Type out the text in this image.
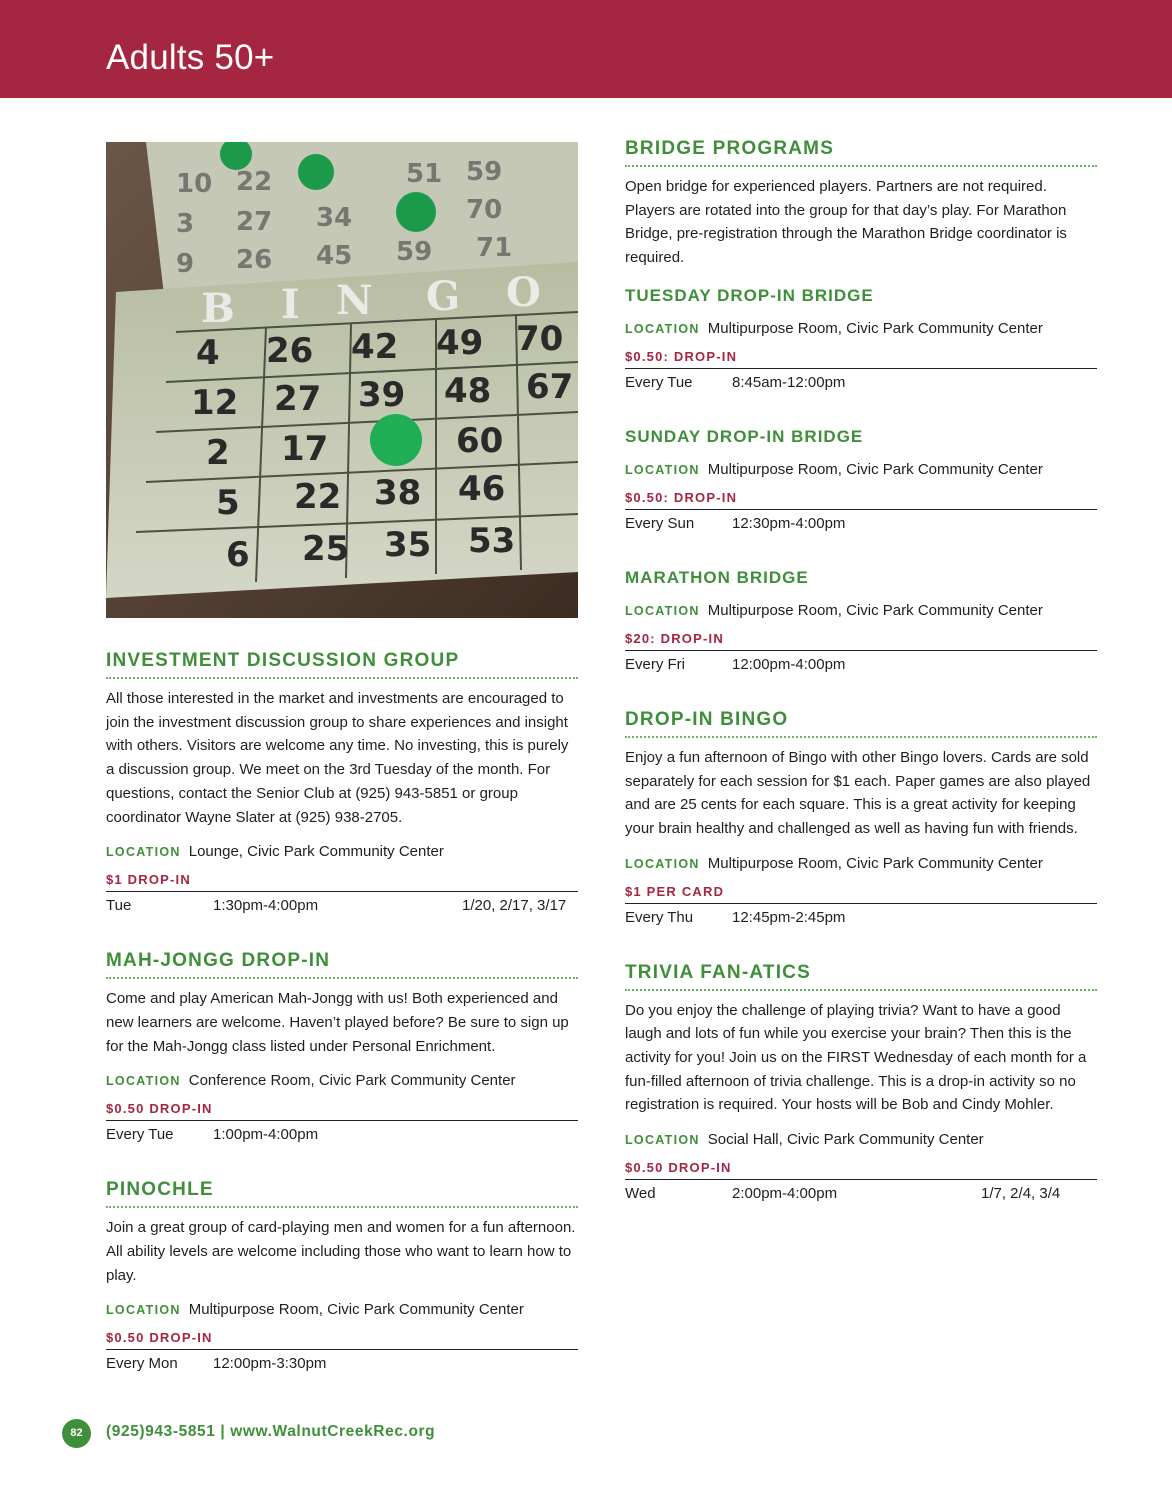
Adults 50+
4 26 42 49 70
12 27 39 48 67
2 17	60
5 22 38 46
6 25 35 53
B I N G O
10 22	51 59
3 27 34	70
9 26 45 59 71
INVESTMENT DISCUSSION GROUP

All those interested in the market and investments are encouraged to join the investment discussion group to share experiences and insight with others. Visitors are welcome any time. No investing, this is purely a discussion group. We meet on the 3rd Tuesday of the month. For questions, contact the Senior Club at (925) 943-5851 or group coordinator Wayne Slater at (925) 938-2705.

LOCATION Lounge, Civic Park Community Center
$1 DROP-IN
Tue	1:30pm-4:00pm	1/20, 2/17, 3/17
MAH-JONGG DROP-IN

Come and play American Mah-Jongg with us! Both experienced and new learners are welcome. Haven’t played before? Be sure to sign up for the Mah-Jongg class listed under Personal Enrichment.

LOCATION Conference Room, Civic Park Community Center
$0.50 DROP-IN
Every Tue	1:00pm-4:00pm
PINOCHLE

Join a great group of card-playing men and women for a fun afternoon. All ability levels are welcome including those who want to learn how to play.

LOCATION Multipurpose Room, Civic Park Community Center
$0.50 DROP-IN
Every Mon 12:00pm-3:30pm
BRIDGE PROGRAMS

Open bridge for experienced players. Partners are not required. Players are rotated into the group for that day’s play. For Marathon Bridge, pre-registration through the Marathon Bridge coordinator is required.

TUESDAY DROP-IN BRIDGE
LOCATION Multipurpose Room, Civic Park Community Center
$0.50: DROP-IN
Every Tue	8:45am-12:00pm
SUNDAY DROP-IN BRIDGE
LOCATION Multipurpose Room, Civic Park Community Center
$0.50: DROP-IN
Every Sun	12:30pm-4:00pm
MARATHON BRIDGE
LOCATION Multipurpose Room, Civic Park Community Center
$20: DROP-IN
Every Fri	12:00pm-4:00pm
DROP-IN BINGO

Enjoy a fun afternoon of Bingo with other Bingo lovers. Cards are sold separately for each session for $1 each. Paper games are also played and are 25 cents for each square. This is a great activity for keeping your brain healthy and challenged as well as having fun with friends.

LOCATION Multipurpose Room, Civic Park Community Center
$1 PER CARD
Every Thu	12:45pm-2:45pm
TRIVIA FAN-ATICS

Do you enjoy the challenge of playing trivia? Want to have a good laugh and lots of fun while you exercise your brain? Then this is the activity for you! Join us on the FIRST Wednesday of each month for a fun-filled afternoon of trivia challenge. This is a drop-in activity so no registration is required. Your hosts will be Bob and Cindy Mohler.

LOCATION Social Hall, Civic Park Community Center
$0.50 DROP-IN
Wed	2:00pm-4:00pm	1/7, 2/4, 3/4
82	(925)943-5851 | www.WalnutCreekRec.org
